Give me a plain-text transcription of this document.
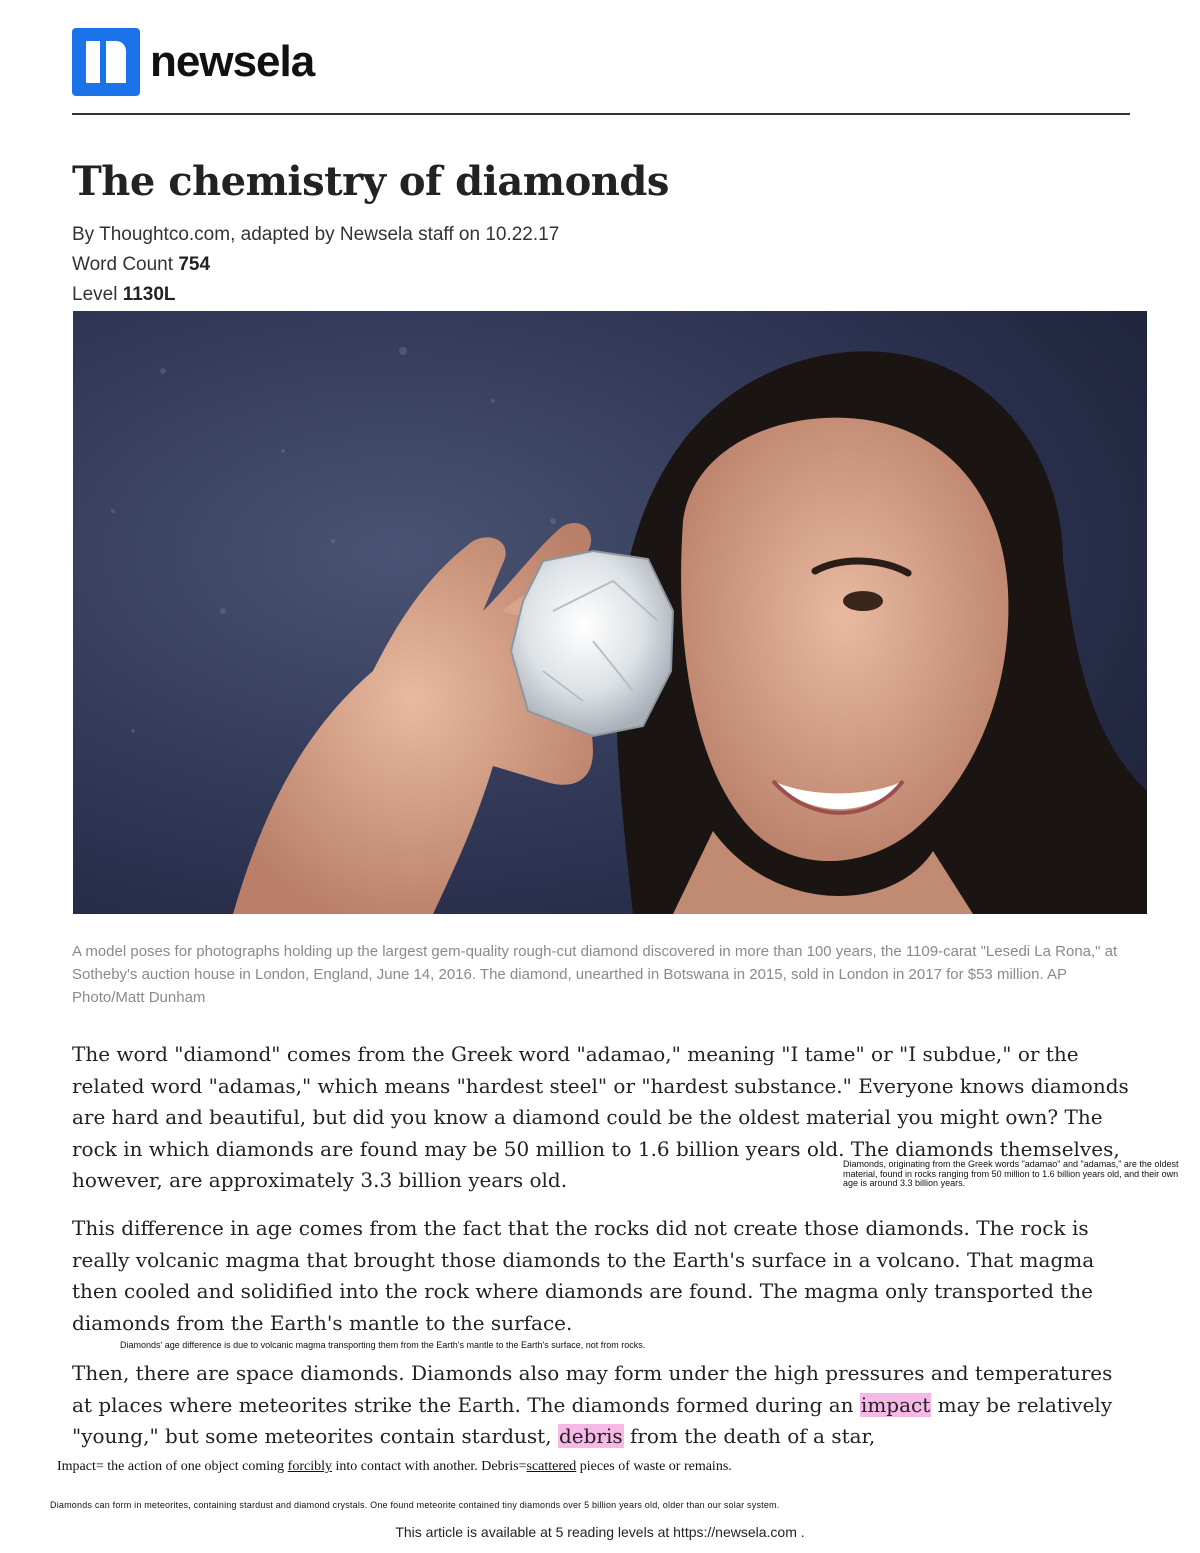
newsela
The chemistry of diamonds
By Thoughtco.com, adapted by Newsela staff on 10.22.17
Word Count 754
Level 1130L
A model poses for photographs holding up the largest gem-quality rough-cut diamond discovered in more than 100 years, the 1109-carat "Lesedi La Rona," at Sotheby's auction house in London, England, June 14, 2016. The diamond, unearthed in Botswana in 2015, sold in London in 2017 for $53 million. AP Photo/Matt Dunham

The word "diamond" comes from the Greek word "adamao," meaning "I tame" or "I subdue," or the related word "adamas," which means "hardest steel" or "hardest substance." Everyone knows diamonds are hard and beautiful, but did you know a diamond could be the oldest material you might own? The rock in which diamonds are found may be 50 million to 1.6 billion years old. The diamonds themselves, however, are approximately 3.3 billion years old.

This difference in age comes from the fact that the rocks did not create those diamonds. The rock is really volcanic magma that brought those diamonds to the Earth's surface in a volcano. That magma then cooled and solidified into the rock where diamonds are found. The magma only transported the diamonds from the Earth's mantle to the surface.

Then, there are space diamonds. Diamonds also may form under the high pressures and temperatures at places where meteorites strike the Earth. The diamonds formed during an impact may be relatively "young," but some meteorites contain stardust, debris from the death of a star,

Diamonds, originating from the Greek words "adamao" and "adamas," are the oldest material, found in rocks ranging from 50 million to 1.6 billion years old, and their own age is around 3.3 billion years.
Diamonds' age difference is due to volcanic magma transporting them from the Earth's mantle to the Earth's surface, not from rocks.
Impact= the action of one object coming forcibly into contact with another. Debris=scattered pieces of waste or remains.
Diamonds can form in meteorites, containing stardust and diamond crystals. One found meteorite contained tiny diamonds over 5 billion years old, older than our solar system.
This article is available at 5 reading levels at https://newsela.com .
